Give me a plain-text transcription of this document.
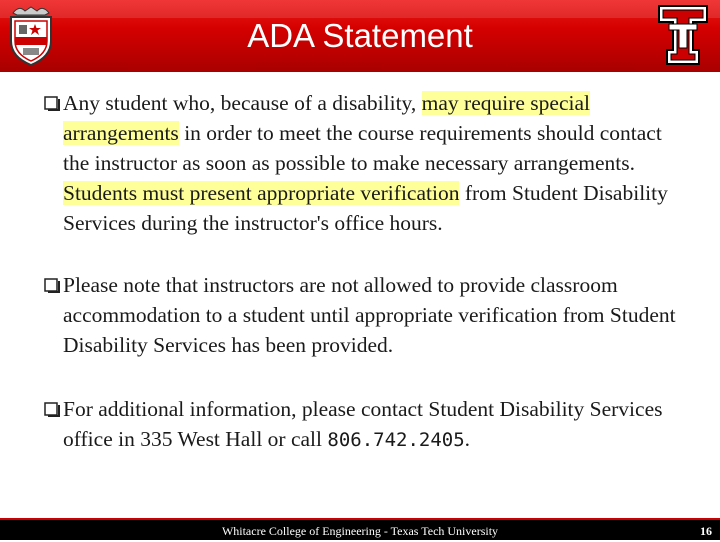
ADA Statement
Any student who, because of a disability, may require special arrangements in order to meet the course requirements should contact the instructor as soon as possible to make necessary arrangements. Students must present appropriate verification from Student Disability Services during the instructor's office hours.
Please note that instructors are not allowed to provide classroom accommodation to a student until appropriate verification from Student Disability Services has been provided.
For additional information, please contact Student Disability Services office in 335 West Hall or call 806.742.2405.
Whitacre College of Engineering - Texas Tech University	16
